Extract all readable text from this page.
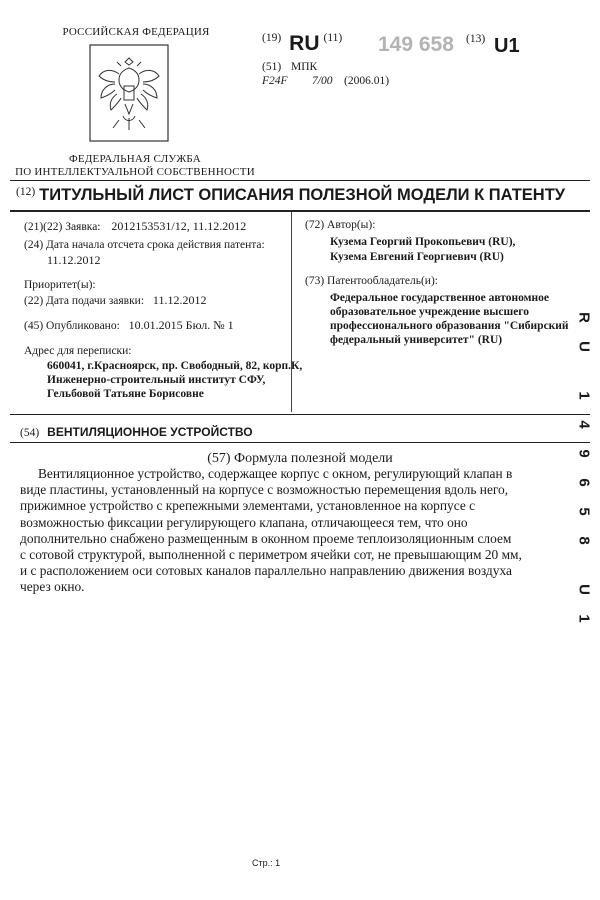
РОССИЙСКАЯ ФЕДЕРАЦИЯ
ФЕДЕРАЛЬНАЯ СЛУЖБА
ПО ИНТЕЛЛЕКТУАЛЬНОЙ СОБСТВЕННОСТИ
$^{(19)}$ RU $^{(11)}$ 149 658 (13) U1
(51) МПК
F24F 7/00 (2006.01)
$^{(12)}$ ТИТУЛЬНЫЙ ЛИСТ ОПИСАНИЯ ПОЛЕЗНОЙ МОДЕЛИ К ПАТЕНТУ
(21)(22) Заявка: 2012153531/12, 11.12.2012
(24) Дата начала отсчета срока действия патента:
11.12.2012
Приоритет(ы):
(22) Дата подачи заявки: 11.12.2012
(45) Опубликовано: 10.01.2015 Бюл. № 1
Адрес для переписки:
660041, г.Красноярск, пр. Свободный, 82, корп.К,
Инженерно-строительный институт СФУ,
Гельбовой Татьяне Борисовне
(72) Автор(ы):
Кузема Георгий Прокопьевич (RU),
Кузема Евгений Георгиевич (RU)
(73) Патентообладатель(и):
Федеральное государственное автономное
образовательное учреждение высшего
профессионального образования "Сибирский
федеральный университет" (RU)
(54) ВЕНТИЛЯЦИОННОЕ УСТРОЙСТВО
(57) Формула полезной модели
Вентиляционное устройство, содержащее корпус с окном, регулирующий клапан в
виде пластины, установленный на корпусе с возможностью перемещения вдоль него,
прижимное устройство с крепежными элементами, установленное на корпусе с
возможностью фиксации регулирующего клапана, отличающееся тем, что оно
дополнительно снабжено размещенным в оконном проеме теплоизоляционным слоем
с сотовой структурой, выполненной с периметром ячейки сот, не превышающим 20 мм,
и с расположением оси сотовых каналов параллельно направлению движения воздуха
через окно.
R
U
1
4
9
6
5
8
U
1
Стр.: 1
